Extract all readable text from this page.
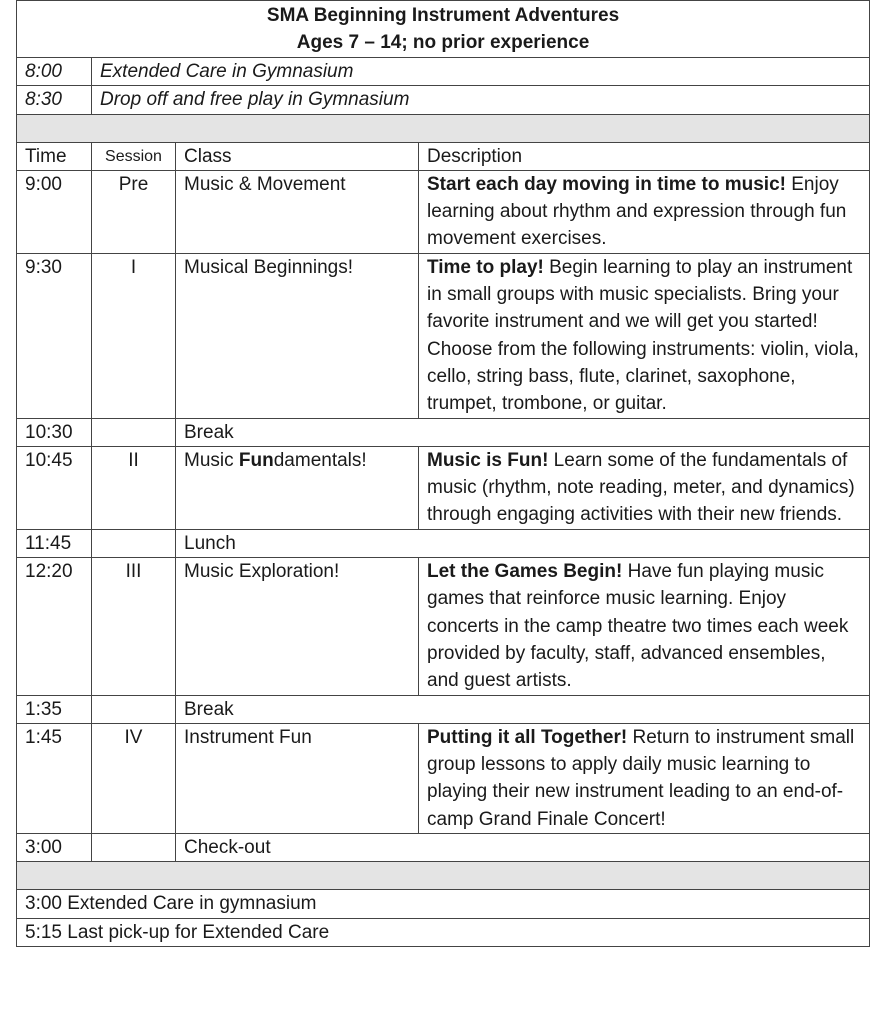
SMA Beginning Instrument Adventures
Ages 7 – 14; no prior experience			

8:00	Extended Care in Gymnasium		
8:30	Drop off and free play in Gymnasium		

Time	Session	Class	Description
9:00	Pre	Music & Movement	Start each day moving in time to music! Enjoy learning about rhythm and expression through fun movement exercises.
9:30	I	Musical Beginnings!	Time to play! Begin learning to play an instrument in small groups with music specialists. Bring your favorite instrument and we will get you started! Choose from the following instruments: violin, viola, cello, string bass, flute, clarinet, saxophone, trumpet, trombone, or guitar.
10:30		Break	
10:45	II	Music Fundamentals!	Music is Fun! Learn some of the fundamentals of music (rhythm, note reading, meter, and dynamics) through engaging activities with their new friends.
11:45		Lunch	
12:20	III	Music Exploration!	Let the Games Begin! Have fun playing music games that reinforce music learning. Enjoy concerts in the camp theatre two times each week provided by faculty, staff, advanced ensembles, and guest artists.
1:35		Break	
1:45	IV	Instrument Fun	Putting it all Together! Return to instrument small group lessons to apply daily music learning to playing their new instrument leading to an end-of-camp Grand Finale Concert!
3:00		Check-out	

3:00 Extended Care in gymnasium			
5:15 Last pick-up for Extended Care			
